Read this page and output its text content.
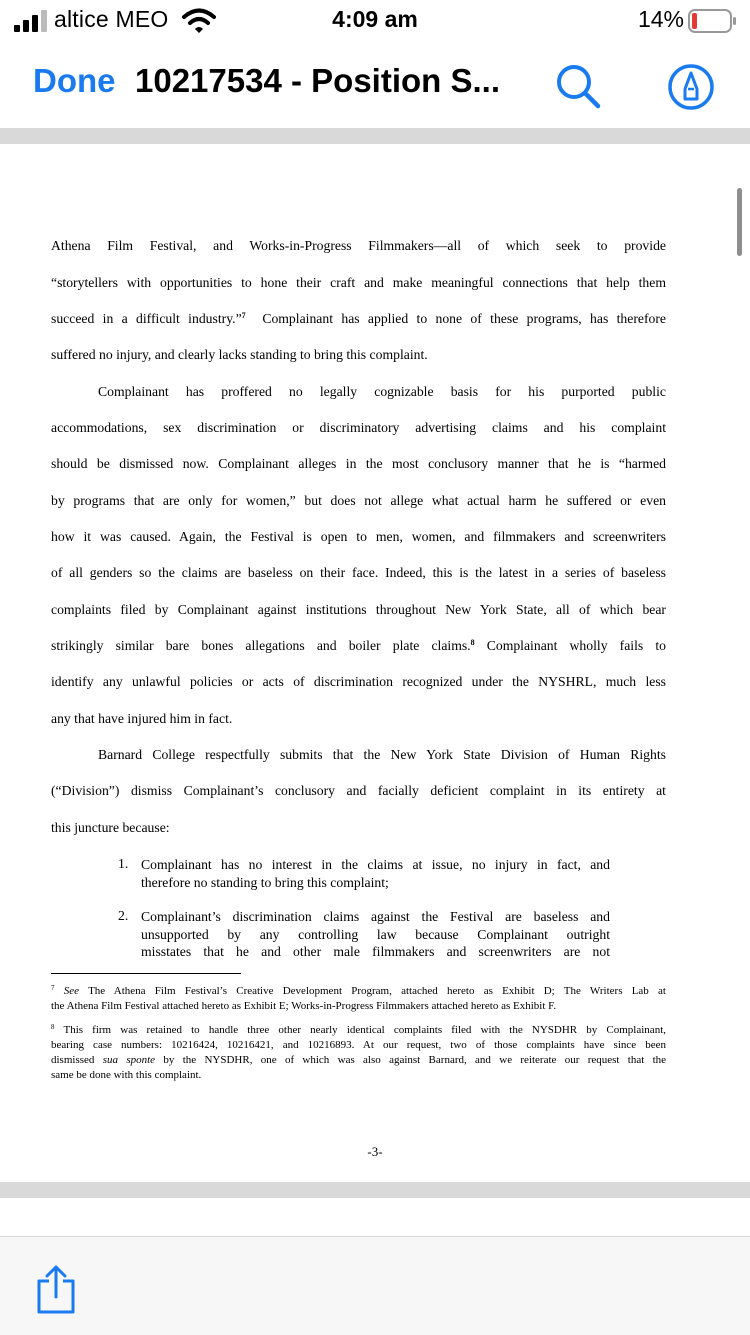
altice MEO	4:09 am	14%
Done 10217534 - Position S...
Athena Film Festival, and Works-in-Progress Filmmakers—all of which seek to provide
“storytellers with opportunities to hone their craft and make meaningful connections that help them
succeed in a difficult industry.”$^7$ Complainant has applied to none of these programs, has therefore
suffered no injury, and clearly lacks standing to bring this complaint.
Complainant has proffered no legally cognizable basis for his purported public
accommodations, sex discrimination or discriminatory advertising claims and his complaint
should be dismissed now. Complainant alleges in the most conclusory manner that he is “harmed
by programs that are only for women,” but does not allege what actual harm he suffered or even
how it was caused. Again, the Festival is open to men, women, and filmmakers and screenwriters
of all genders so the claims are baseless on their face. Indeed, this is the latest in a series of baseless
complaints filed by Complainant against institutions throughout New York State, all of which bear
strikingly similar bare bones allegations and boiler plate claims.$^8$ Complainant wholly fails to
identify any unlawful policies or acts of discrimination recognized under the NYSHRL, much less
any that have injured him in fact.
Barnard College respectfully submits that the New York State Division of Human Rights
(“Division”) dismiss Complainant’s conclusory and facially deficient complaint in its entirety at
this juncture because:
1. Complainant has no interest in the claims at issue, no injury in fact, and
therefore no standing to bring this complaint;
2. Complainant’s discrimination claims against the Festival are baseless and
unsupported by any controlling law because Complainant outright
misstates that he and other male filmmakers and screenwriters are not
$^7$ See The Athena Film Festival’s Creative Development Program, attached hereto as Exhibit D; The Writers Lab at
the Athena Film Festival attached hereto as Exhibit E; Works-in-Progress Filmmakers attached hereto as Exhibit F.
$^8$ This firm was retained to handle three other nearly identical complaints filed with the NYSDHR by Complainant,
bearing case numbers: 10216424, 10216421, and 10216893. At our request, two of those complaints have since been
dismissed sua sponte by the NYSDHR, one of which was also against Barnard, and we reiterate our request that the
same be done with this complaint.
-3-
